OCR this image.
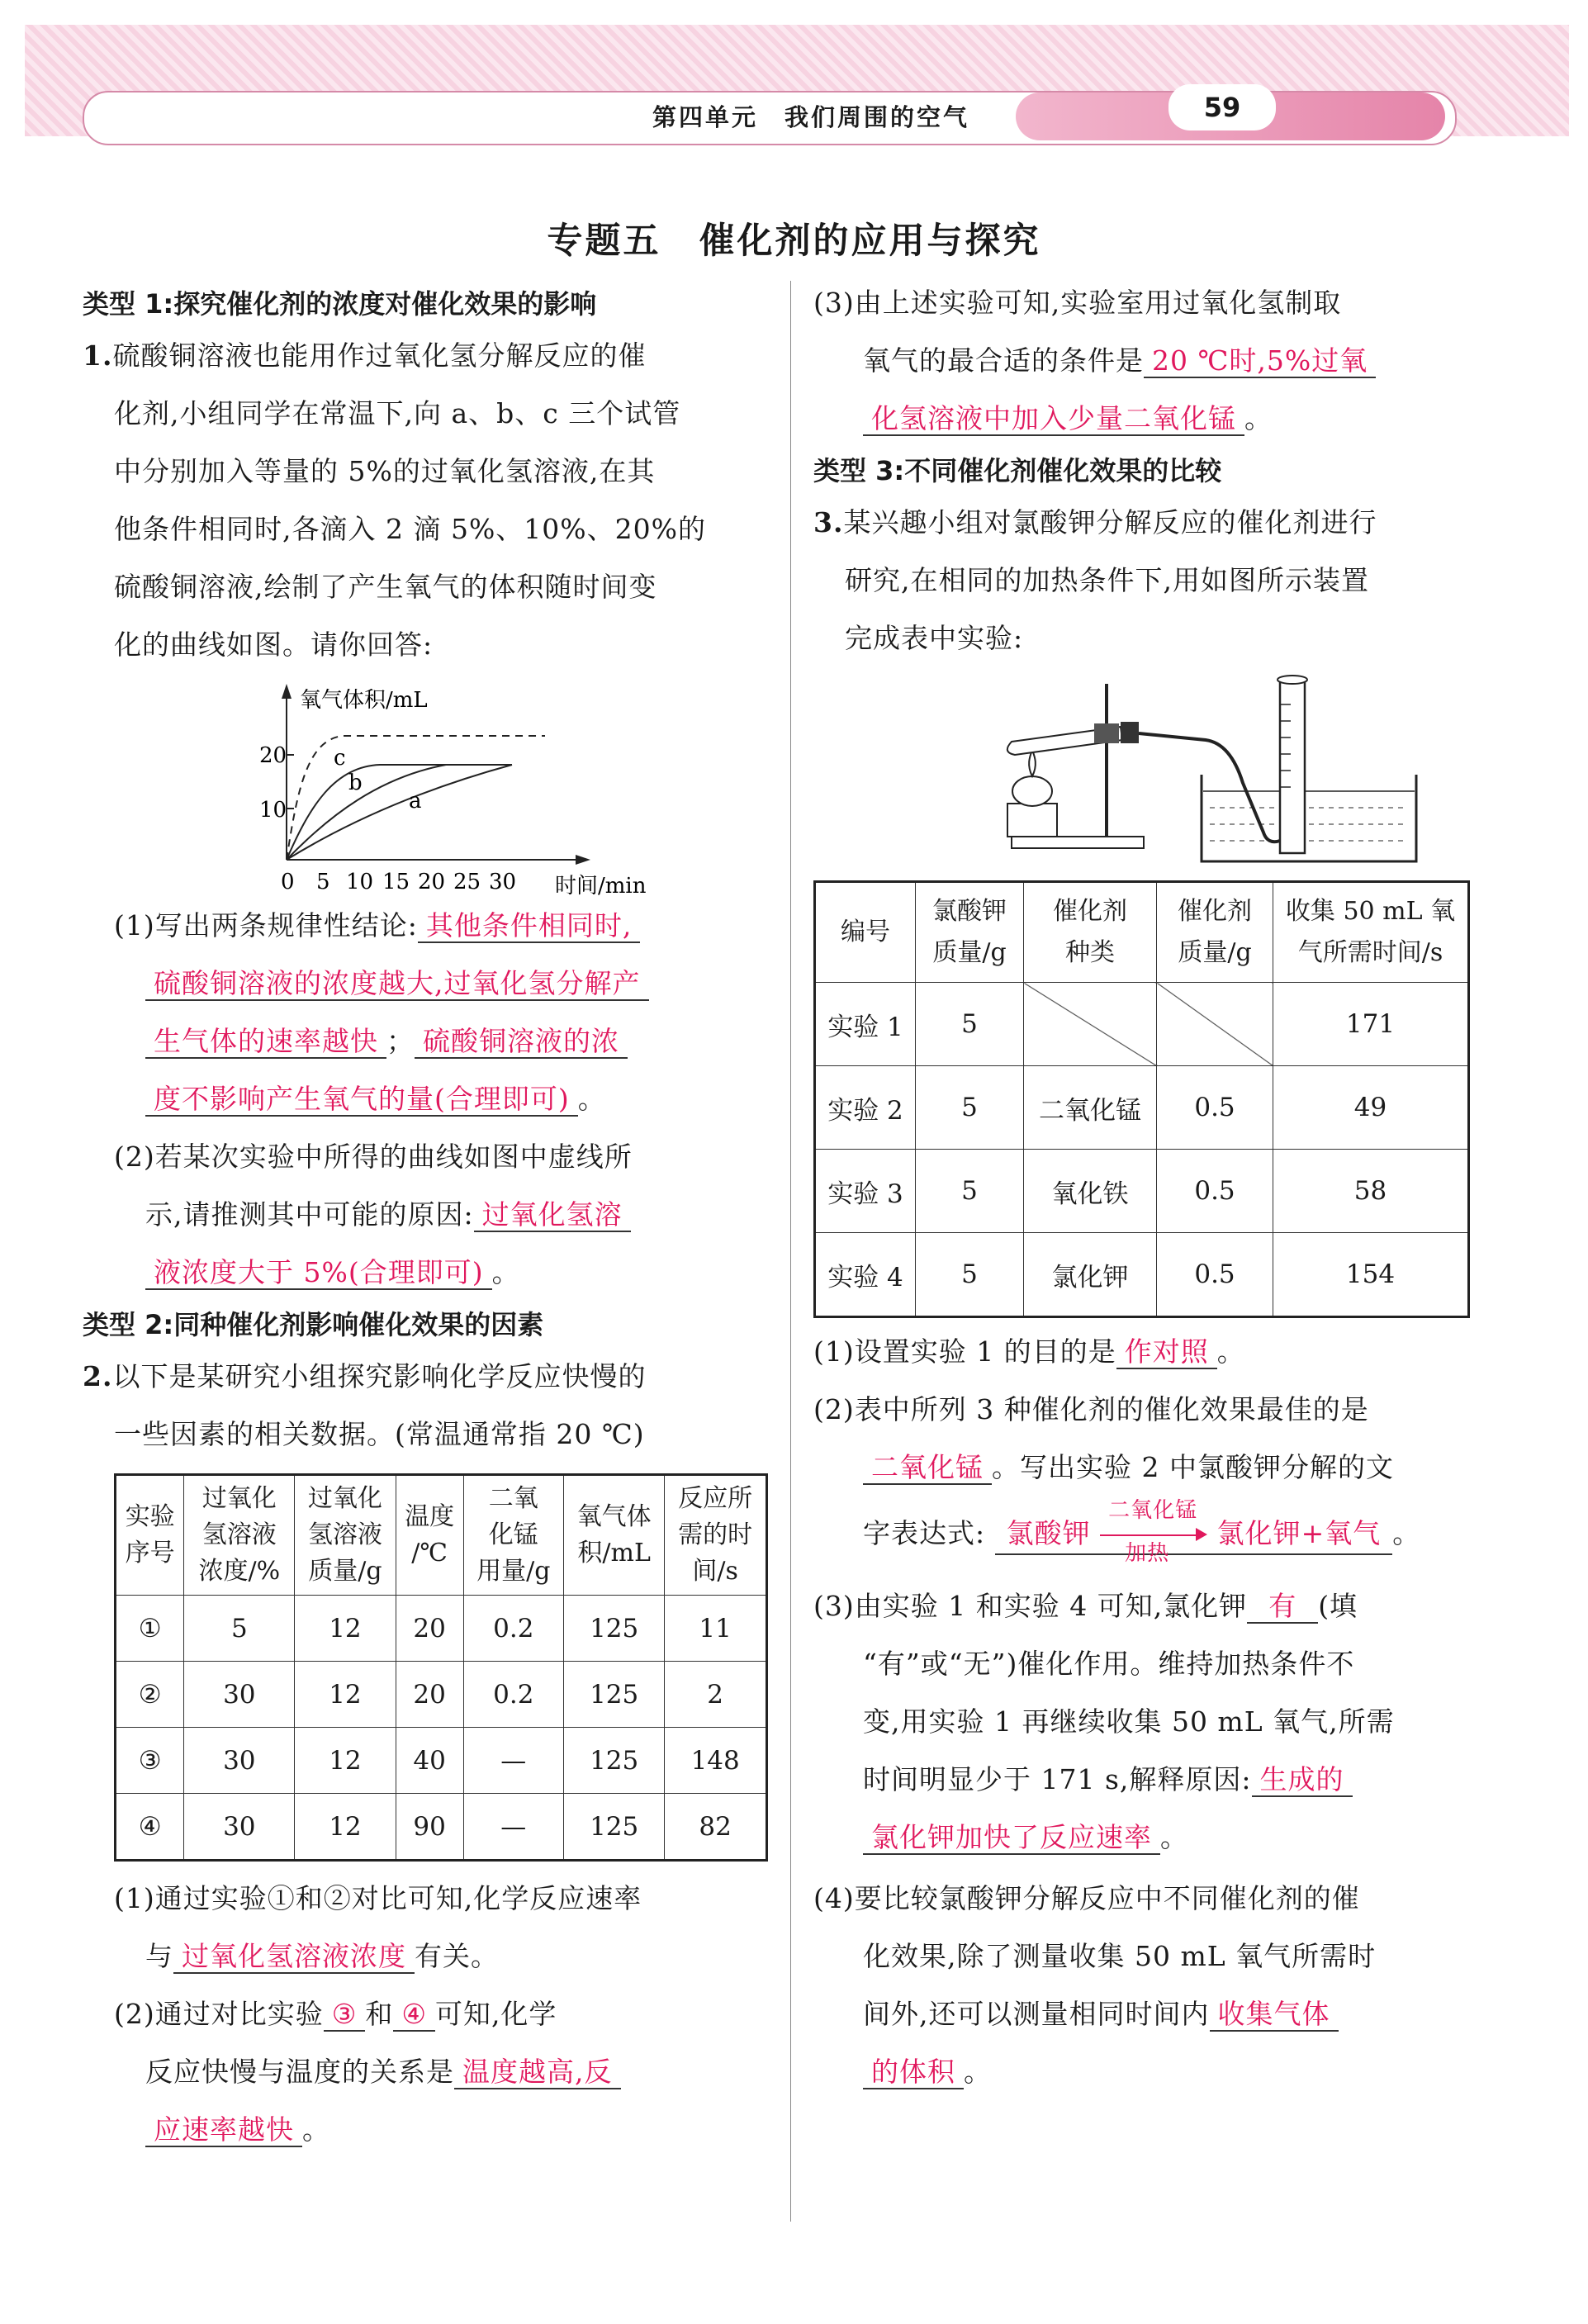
第四单元　我们周围的空气	59
专题五　催化剂的应用与探究
类型 1:探究催化剂的浓度对催化效果的影响
1.硫酸铜溶液也能用作过氧化氢分解反应的催
化剂,小组同学在常温下,向 a、b、c 三个试管
中分别加入等量的 5%的过氧化氢溶液,在其
他条件相同时,各滴入 2 滴 5%、10%、20%的
硫酸铜溶液,绘制了产生氧气的体积随时间变
化的曲线如图。请你回答:
氧气体积/mL
时间/min
20
10
0 5 10 15 20 25 30
c
b
a
(1)写出两条规律性结论: 其他条件相同时,
硫酸铜溶液的浓度越大,过氧化氢分解产
生气体的速率越快 ； 硫酸铜溶液的浓
度不影响产生氧气的量(合理即可) 。
(2)若某次实验中所得的曲线如图中虚线所
示,请推测其中可能的原因: 过氧化氢溶
液浓度大于 5%(合理即可) 。
类型 2:同种催化剂影响催化效果的因素
2.以下是某研究小组探究影响化学反应快慢的
一些因素的相关数据。(常温通常指 20 ℃)
实验
序号	过氧化
氢溶液
浓度/%	过氧化
氢溶液
质量/g	温度
/℃	二氧
化锰
用量/g	氧气体
积/mL	反应所
需的时
间/s
①	5	12	20	0.2	125	11
②	30	12	20	0.2	125	2
③	30	12	40	—	125	148
④	30	12	90	—	125	82
(1)通过实验①和②对比可知,化学反应速率
与 过氧化氢溶液浓度 有关。
(2)通过对比实验 ③ 和 ④ 可知,化学
反应快慢与温度的关系是 温度越高,反
应速率越快 。
(3)由上述实验可知,实验室用过氧化氢制取
氧气的最合适的条件是 20 ℃时,5%过氧
化氢溶液中加入少量二氧化锰 。
类型 3:不同催化剂催化效果的比较
3.某兴趣小组对氯酸钾分解反应的催化剂进行
研究,在相同的加热条件下,用如图所示装置
完成表中实验:
编号	氯酸钾
质量/g	催化剂
种类	催化剂
质量/g	收集 50 mL 氧
气所需时间/s
实验 1	5			171
实验 2	5	二氧化锰	0.5	49
实验 3	5	氧化铁	0.5	58
实验 4	5	氯化钾	0.5	154
(1)设置实验 1 的目的是 作对照 。
(2)表中所列 3 种催化剂的催化效果最佳的是
二氧化锰 。写出实验 2 中氯酸钾分解的文
字表达式: 氯酸钾
二氧化锰
加热
氯化钾+氧气 。
(3)由实验 1 和实验 4 可知,氯化钾 有 (填
“有”或“无”)催化作用。维持加热条件不
变,用实验 1 再继续收集 50 mL 氧气,所需
时间明显少于 171 s,解释原因: 生成的
氯化钾加快了反应速率 。
(4)要比较氯酸钾分解反应中不同催化剂的催
化效果,除了测量收集 50 mL 氧气所需时
间外,还可以测量相同时间内 收集气体
的体积 。
